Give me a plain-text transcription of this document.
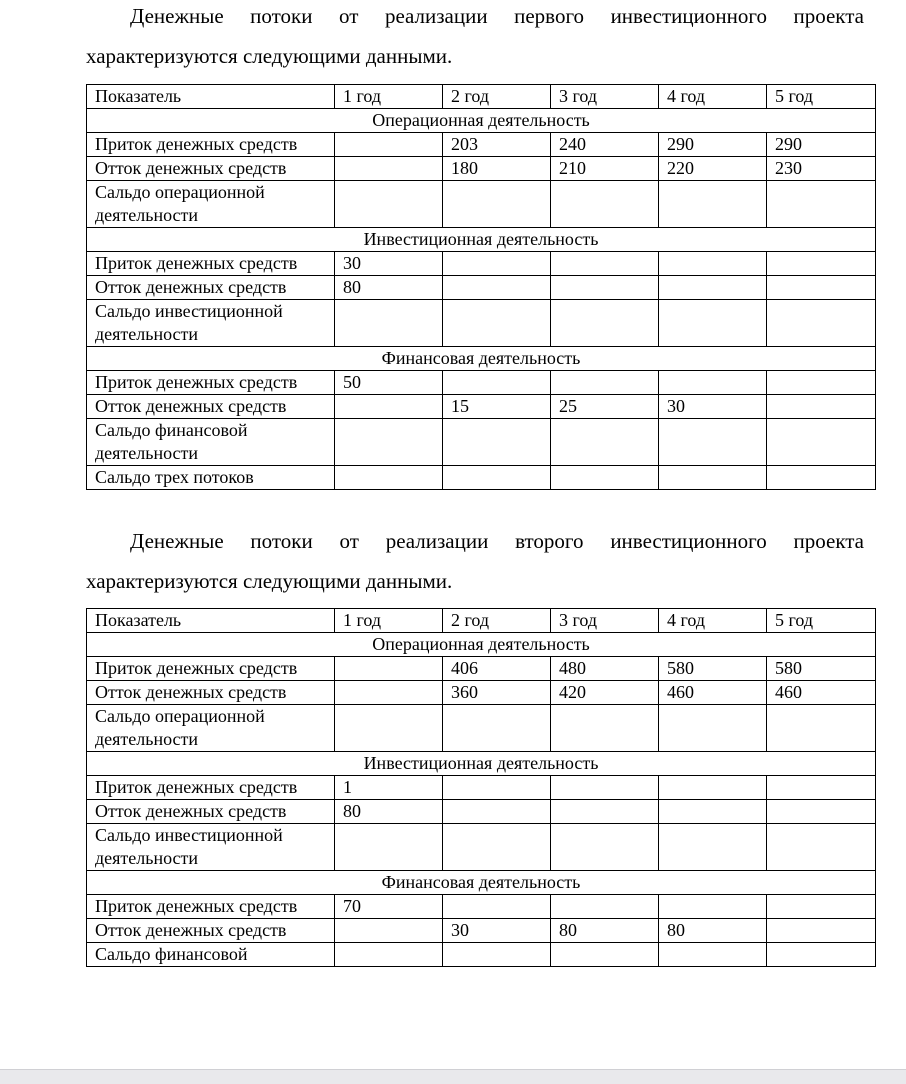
Денежные потоки от реализации первого инвестиционного проекта характеризуются следующими данными.

Показатель	1 год	2 год	3 год	4 год	5 год
Операционная деятельность					
Приток денежных средств		203	240	290	290
Отток денежных средств		180	210	220	230
Сальдо операционной деятельности					
Инвестиционная деятельность					
Приток денежных средств	30				
Отток денежных средств	80				
Сальдо инвестиционной деятельности					
Финансовая деятельность					
Приток денежных средств	50				
Отток денежных средств		15	25	30	
Сальдо финансовой деятельности					
Сальдо трех потоков					

Денежные потоки от реализации второго инвестиционного проекта характеризуются следующими данными.

Показатель	1 год	2 год	3 год	4 год	5 год
Операционная деятельность					
Приток денежных средств		406	480	580	580
Отток денежных средств		360	420	460	460
Сальдо операционной деятельности					
Инвестиционная деятельность					
Приток денежных средств	1				
Отток денежных средств	80				
Сальдо инвестиционной деятельности					
Финансовая деятельность					
Приток денежных средств	70				
Отток денежных средств		30	80	80	
Сальдо финансовой					
